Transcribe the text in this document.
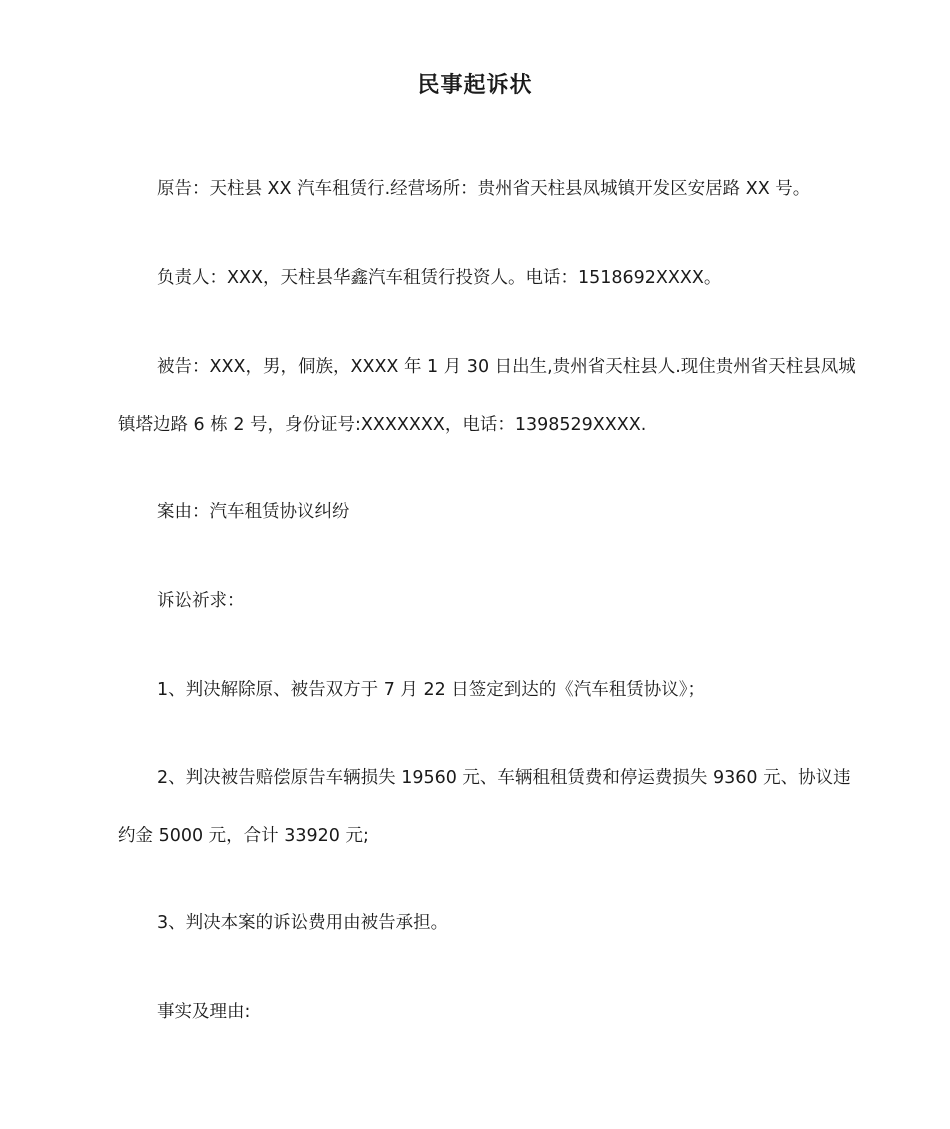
民事起诉状
原告：天柱县 XX 汽车租赁行.经营场所：贵州省天柱县凤城镇开发区安居路 XX 号。
负责人：XXX，天柱县华鑫汽车租赁行投资人。电话：1518692XXXX。
被告：XXX，男，侗族，XXXX 年 1 月 30 日出生,贵州省天柱县人.现住贵州省天柱县凤城镇塔边路 6 栋 2 号，身份证号:XXXXXXX，电话：1398529XXXX.
案由：汽车租赁协议纠纷
诉讼祈求：
1、判决解除原、被告双方于 7 月 22 日签定到达的《汽车租赁协议》；
2、判决被告赔偿原告车辆损失 19560 元、车辆租租赁费和停运费损失 9360 元、协议违约金 5000 元，合计 33920 元;
3、判决本案的诉讼费用由被告承担。
事实及理由:
